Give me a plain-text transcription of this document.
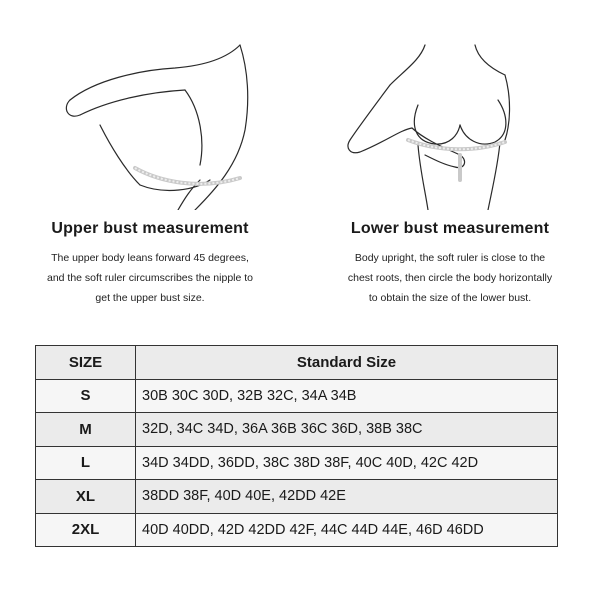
Upper bust measurement
The upper body leans forward 45 degrees,
and the soft ruler circumscribes the nipple to
get the upper bust size.
Lower bust measurement
Body upright, the soft ruler is close to the
chest roots, then circle the body horizontally
to obtain the size of the lower bust.
SIZE	Standard Size
S	30B 30C 30D, 32B 32C, 34A 34B
M	32D, 34C 34D, 36A 36B 36C 36D, 38B 38C
L	34D 34DD, 36DD, 38C 38D 38F, 40C 40D, 42C 42D
XL	38DD 38F, 40D 40E, 42DD 42E
2XL	40D 40DD, 42D 42DD 42F, 44C 44D 44E, 46D 46DD
